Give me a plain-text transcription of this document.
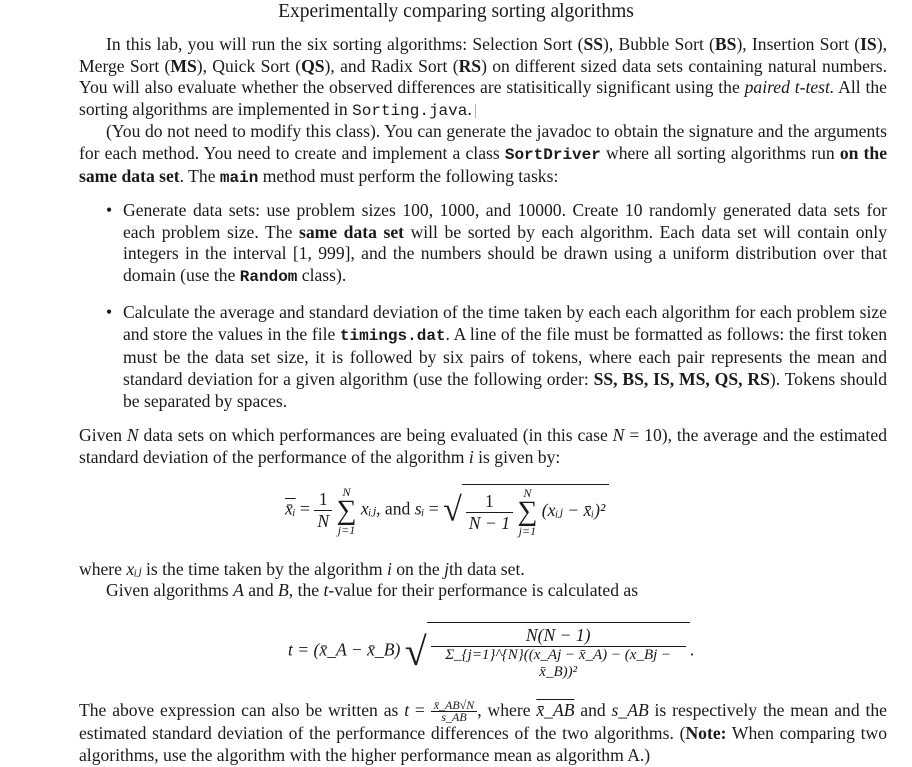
Experimentally comparing sorting algorithms

In this lab, you will run the six sorting algorithms: Selection Sort (SS), Bubble Sort (BS), Insertion Sort (IS), Merge Sort (MS), Quick Sort (QS), and Radix Sort (RS) on different sized data sets containing natural numbers. You will also evaluate whether the observed differences are statisitically significant using the paired t-test. All the sorting algorithms are implemented in Sorting.java.

(You do not need to modify this class). You can generate the javadoc to obtain the signature and the arguments for each method. You need to create and implement a class SortDriver where all sorting algorithms run on the same data set. The main method must perform the following tasks:

• Generate data sets: use problem sizes 100, 1000, and 10000. Create 10 randomly generated data sets for each problem size. The same data set will be sorted by each algorithm. Each data set will contain only integers in the interval [1, 999], and the numbers should be drawn using a uniform distribution over that domain (use the Random class).
• Calculate the average and standard deviation of the time taken by each each algorithm for each problem size and store the values in the file timings.dat. A line of the file must be formatted as follows: the first token must be the data set size, it is followed by six pairs of tokens, where each pair represents the mean and standard deviation for a given algorithm (use the following order: SS, BS, IS, MS, QS, RS). Tokens should be separated by spaces.

Given N data sets on which performances are being evaluated (in this case N = 10), the average and the estimated standard deviation of the performance of the algorithm i is given by:

x̄ᵢ = $\frac{1}{N}$
N
∑
j=1
xᵢⱼ, and sᵢ = √ $\frac{1}{N - 1}$
N
∑
j=1
(xᵢⱼ − x̄ᵢ)²

where xᵢⱼ is the time taken by the algorithm i on the jth data set.

Given algorithms A and B, the t-value for their performance is calculated as

t = (x̄_A − x̄_B) √ $\frac{N(N - 1)}{\text{Σ\_\{j=1\}\textasciicircum{}\{N\}((x\_Aj − x̄\_A) − (x\_Bj − x̄\_B))²}}$ .

The above expression can also be written as $t = \frac{x̄\_AB√N}{s\_AB}$ , where x̄_AB and s_AB is respectively the mean and the estimated standard deviation of the performance differences of the two algorithms. (Note: When comparing two algorithms, use the algorithm with the higher performance mean as algorithm A.)
